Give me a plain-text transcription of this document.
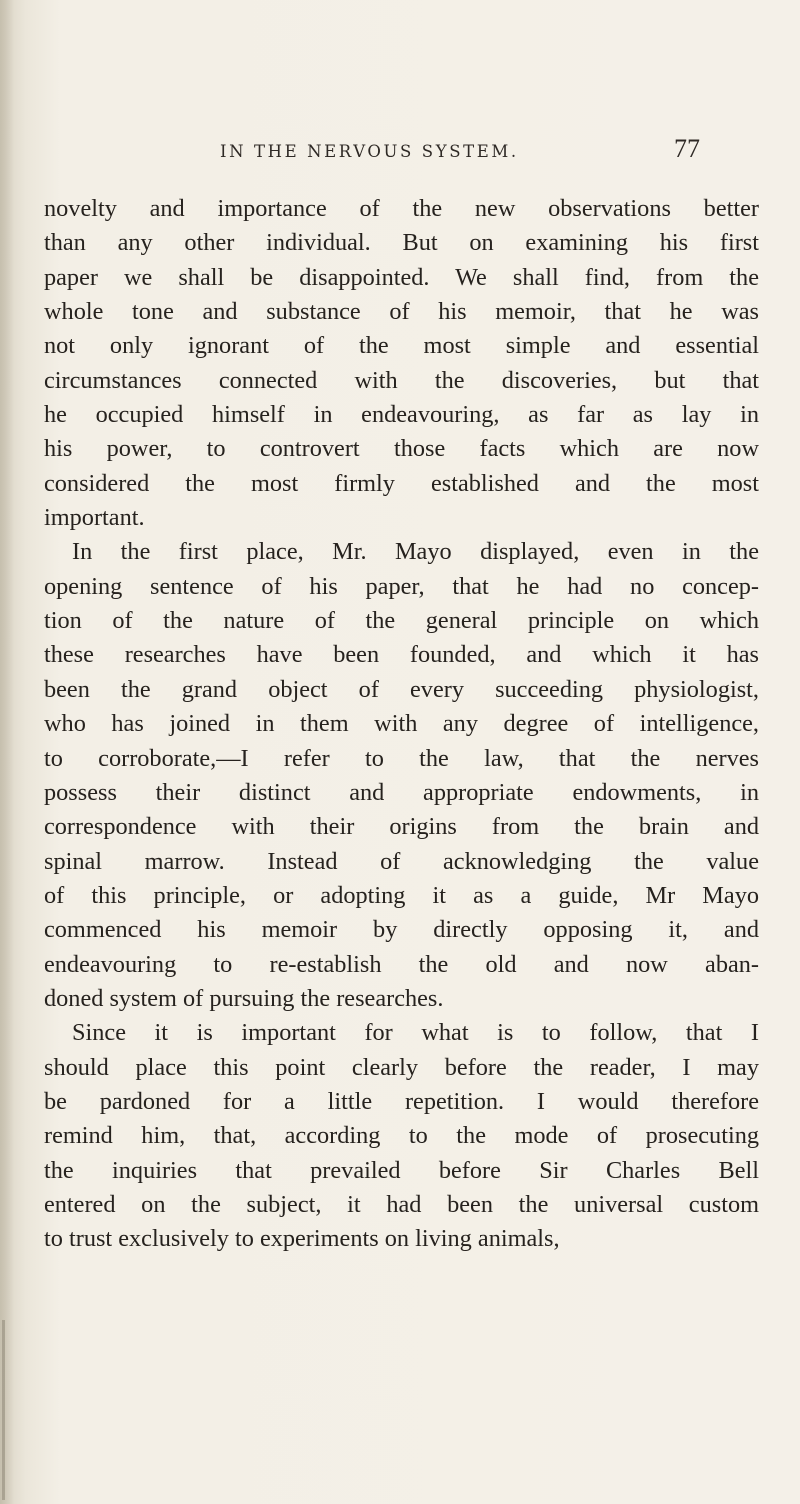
IN THE NERVOUS SYSTEM.	77
novelty and importance of the new observations better
than any other individual. But on examining his first
paper we shall be disappointed. We shall find, from the
whole tone and substance of his memoir, that he was
not only ignorant of the most simple and essential
circumstances connected with the discoveries, but that
he occupied himself in endeavouring, as far as lay in
his power, to controvert those facts which are now
considered the most firmly established and the most
important.
In the first place, Mr. Mayo displayed, even in the
opening sentence of his paper, that he had no concep-
tion of the nature of the general principle on which
these researches have been founded, and which it has
been the grand object of every succeeding physiologist,
who has joined in them with any degree of intelligence,
to corroborate,—I refer to the law, that the nerves
possess their distinct and appropriate endowments, in
correspondence with their origins from the brain and
spinal marrow. Instead of acknowledging the value
of this principle, or adopting it as a guide, Mr Mayo
commenced his memoir by directly opposing it, and
endeavouring to re-establish the old and now aban-
doned system of pursuing the researches.
Since it is important for what is to follow, that I
should place this point clearly before the reader, I may
be pardoned for a little repetition. I would therefore
remind him, that, according to the mode of prosecuting
the inquiries that prevailed before Sir Charles Bell
entered on the subject, it had been the universal custom
to trust exclusively to experiments on living animals,
